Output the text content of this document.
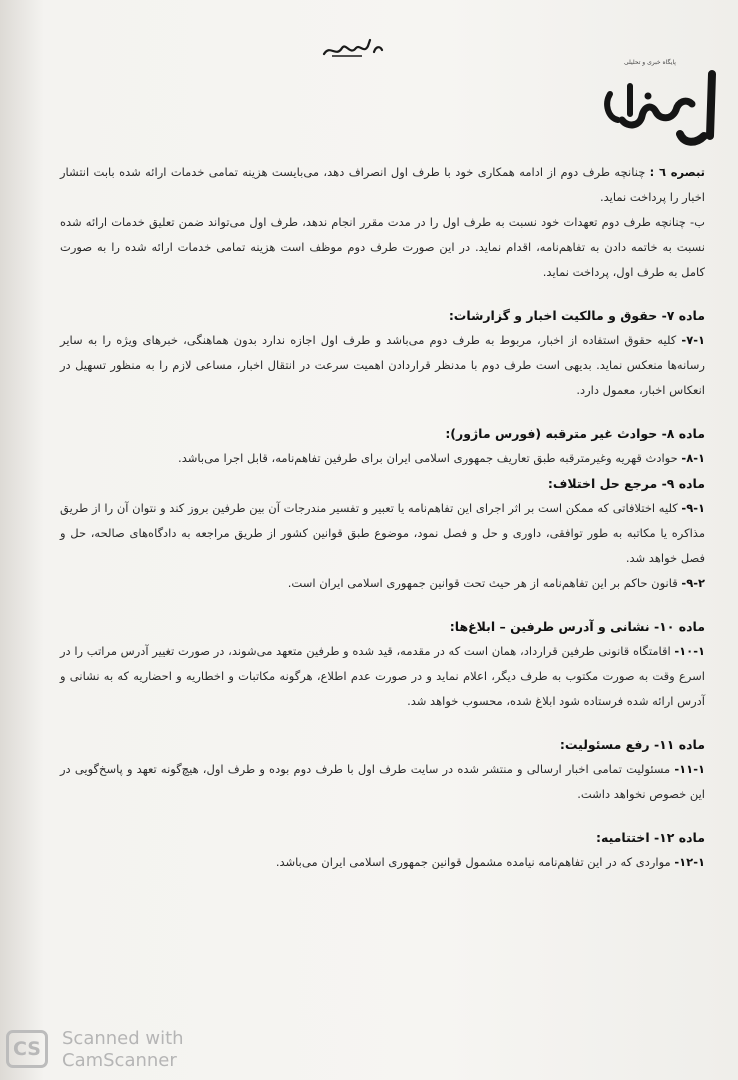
پایگاه خبری و تحلیلی

تبصره ٦ : چنانچه طرف دوم از ادامه همکاری خود با طرف اول انصراف دهد، می‌بایست هزینه تمامی خدمات ارائه شده بابت انتشار اخبار را پرداخت نماید.

ب- چنانچه طرف دوم تعهدات خود نسبت به طرف اول را در مدت مقرر انجام ندهد، طرف اول می‌تواند ضمن تعلیق خدمات ارائه شده نسبت به خاتمه دادن به تفاهم‌نامه، اقدام نماید. در این صورت طرف دوم موظف است هزینه تمامی خدمات ارائه شده را به صورت کامل به طرف اول، پرداخت نماید.

ماده ۷- حقوق و مالکیت اخبار و گزارشات:

۷-۱- کلیه حقوق استفاده از اخبار، مربوط به طرف دوم می‌باشد و طرف اول اجازه ندارد بدون هماهنگی، خبرهای ویژه را به سایر رسانه‌ها منعکس نماید. بدیهی است طرف دوم با مدنظر قراردادن اهمیت سرعت در انتقال اخبار، مساعی لازم را به منظور تسهیل در انعکاس اخبار، معمول دارد.

ماده ۸- حوادث غیر مترقبه (فورس ماژور):

۸-۱- حوادث قهریه وغیرمترقبه طبق تعاریف جمهوری اسلامی ایران برای طرفین تفاهم‌نامه، قابل اجرا می‌باشد.

ماده ۹- مرجع حل اختلاف:

۹-۱- کلیه اختلافاتی که ممکن است بر اثر اجرای این تفاهم‌نامه یا تعبیر و تفسیر مندرجات آن بین طرفین بروز کند و نتوان آن را از طریق مذاکره یا مکاتبه به طور توافقی، داوری و حل و فصل نمود، موضوع طبق قوانین کشور از طریق مراجعه به دادگاه‌های صالحه، حل و فصل خواهد شد.

۹-۲- قانون حاکم بر این تفاهم‌نامه از هر حیث تحت قوانین جمهوری اسلامی ایران است.

ماده ۱۰- نشانی و آدرس طرفین – ابلاغ‌ها:

۱۰-۱- اقامتگاه قانونی طرفین قرارداد، همان است که در مقدمه، قید شده و طرفین متعهد می‌شوند، در صورت تغییر آدرس مراتب را در اسرع وقت به صورت مکتوب به طرف دیگر، اعلام نماید و در صورت عدم اطلاع، هرگونه مکاتبات و اخطاریه و احضاریه که به نشانی و آدرس ارائه شده فرستاده شود ابلاغ شده، محسوب خواهد شد.

ماده ۱۱- رفع مسئولیت:

۱۱-۱- مسئولیت تمامی اخبار ارسالی و منتشر شده در سایت طرف اول با طرف دوم بوده و طرف اول، هیچ‌گونه تعهد و پاسخ‌گویی در این خصوص نخواهد داشت.

ماده ۱۲- اختتامیه:

۱۲-۱- مواردی که در این تفاهم‌نامه نیامده مشمول قوانین جمهوری اسلامی ایران می‌باشد.

CS	Scanned with
CamScanner
